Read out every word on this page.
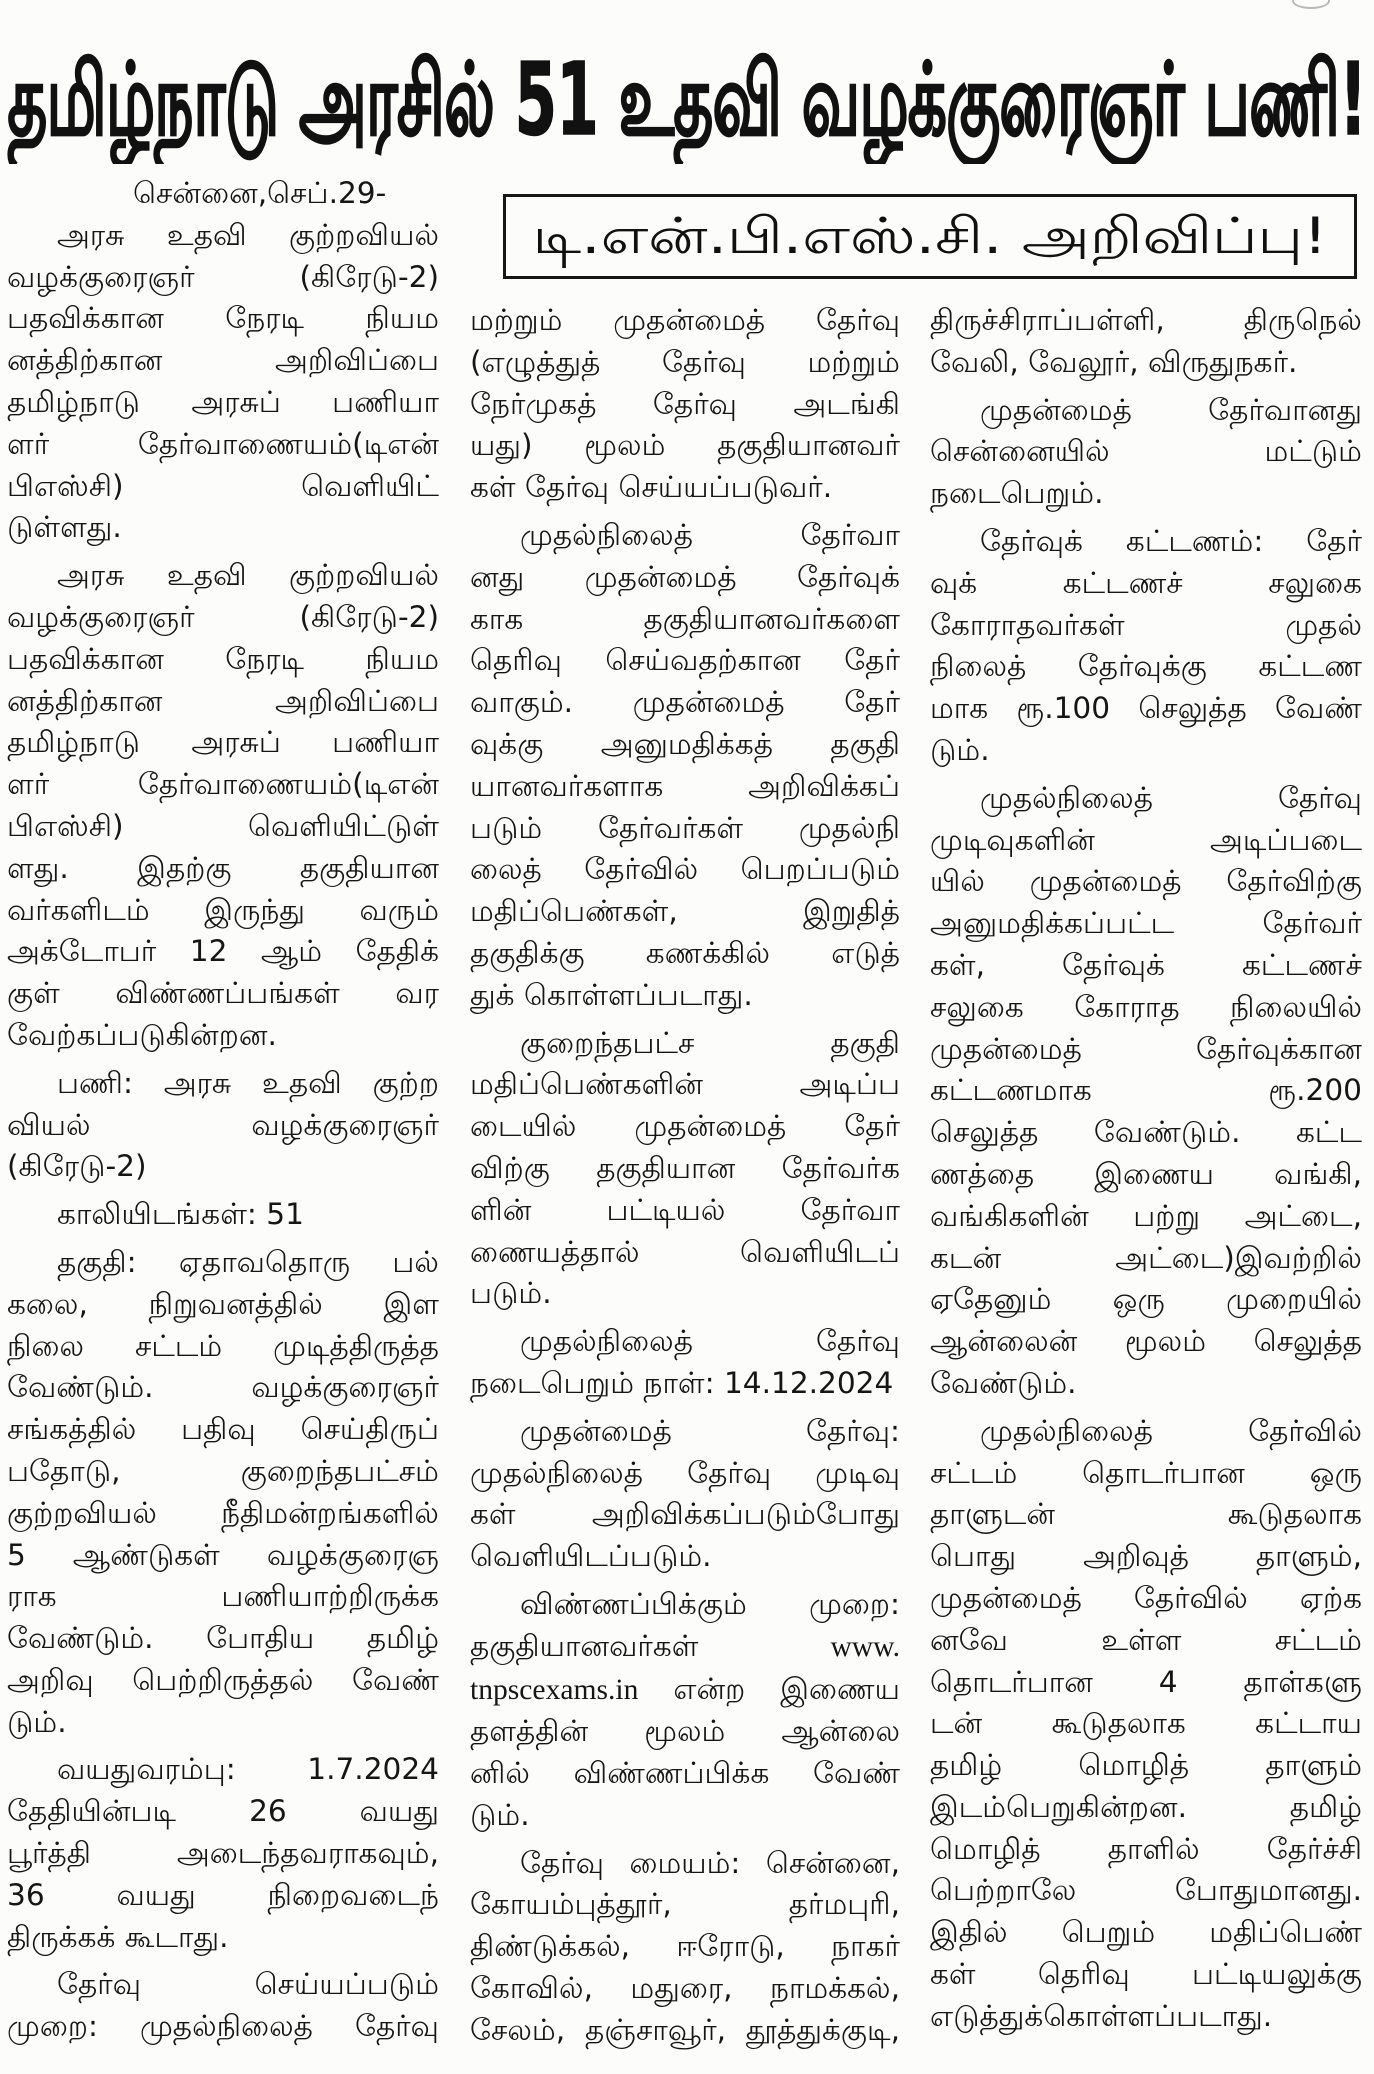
தமிழ்நாடு அரசில் 51 உதவி வழக்குரைஞர் பணி!
டி.என்.பி.எஸ்.சி. அறிவிப்பு!
சென்னை,செப்.29-
அரசு உதவி குற்றவியல்
வழக்குரைஞர் (கிரேடு-2)
பதவிக்கான நேரடி நியம
னத்திற்கான அறிவிப்பை
தமிழ்நாடு அரசுப் பணியா
ளர் தேர்வாணையம்(டிஎன்
பிஎஸ்சி) வெளியிட்
டுள்ளது.
அரசு உதவி குற்றவியல்
வழக்குரைஞர் (கிரேடு-2)
பதவிக்கான நேரடி நியம
னத்திற்கான அறிவிப்பை
தமிழ்நாடு அரசுப் பணியா
ளர் தேர்வாணையம்(டிஎன்
பிஎஸ்சி) வெளியிட்டுள்
ளது. இதற்கு தகுதியான
வர்களிடம் இருந்து வரும்
அக்டோபர் 12 ஆம் தேதிக்
குள் விண்ணப்பங்கள் வர
வேற்கப்படுகின்றன.
பணி: அரசு உதவி குற்ற
வியல் வழக்குரைஞர்
(கிரேடு-2)
காலியிடங்கள்: 51
தகுதி: ஏதாவதொரு பல்
கலை, நிறுவனத்தில் இள
நிலை சட்டம் முடித்திருத்த
வேண்டும். வழக்குரைஞர்
சங்கத்தில் பதிவு செய்திருப்
பதோடு, குறைந்தபட்சம்
குற்றவியல் நீதிமன்றங்களில்
5 ஆண்டுகள் வழக்குரைஞ
ராக பணியாற்றிருக்க
வேண்டும். போதிய தமிழ்
அறிவு பெற்றிருத்தல் வேண்
டும்.
வயதுவரம்பு: 1.7.2024
தேதியின்படி 26 வயது
பூர்த்தி அடைந்தவராகவும்,
36 வயது நிறைவடைந்
திருக்கக் கூடாது.
தேர்வு செய்யப்படும்
முறை: முதல்நிலைத் தேர்வு
மற்றும் முதன்மைத் தேர்வு
(எழுத்துத் தேர்வு மற்றும்
நேர்முகத் தேர்வு அடங்கி
யது) மூலம் தகுதியானவர்
கள் தேர்வு செய்யப்படுவர்.
முதல்நிலைத் தேர்வா
னது முதன்மைத் தேர்வுக்
காக தகுதியானவர்களை
தெரிவு செய்வதற்கான தேர்
வாகும். முதன்மைத் தேர்
வுக்கு அனுமதிக்கத் தகுதி
யானவர்களாக அறிவிக்கப்
படும் தேர்வர்கள் முதல்நி
லைத் தேர்வில் பெறப்படும்
மதிப்பெண்கள், இறுதித்
தகுதிக்கு கணக்கில் எடுத்
துக் கொள்ளப்படாது.
குறைந்தபட்ச தகுதி
மதிப்பெண்களின் அடிப்ப
டையில் முதன்மைத் தேர்
விற்கு தகுதியான தேர்வர்க
ளின் பட்டியல் தேர்வா
ணையத்தால் வெளியிடப்
படும்.
முதல்நிலைத் தேர்வு
நடைபெறும் நாள்: 14.12.2024
முதன்மைத் தேர்வு:
முதல்நிலைத் தேர்வு முடிவு
கள் அறிவிக்கப்படும்போது
வெளியிடப்படும்.
விண்ணப்பிக்கும் முறை:
தகுதியானவர்கள் www.
tnpscexams.in என்ற இணைய
தளத்தின் மூலம் ஆன்லை
னில் விண்ணப்பிக்க வேண்
டும்.
தேர்வு மையம்: சென்னை,
கோயம்புத்தூர், தர்மபுரி,
திண்டுக்கல், ஈரோடு, நாகர்
கோவில், மதுரை, நாமக்கல்,
சேலம், தஞ்சாவூர், தூத்துக்குடி,
திருச்சிராப்பள்ளி, திருநெல்
வேலி, வேலூர், விருதுநகர்.
முதன்மைத் தேர்வானது
சென்னையில் மட்டும்
நடைபெறும்.
தேர்வுக் கட்டணம்: தேர்
வுக் கட்டணச் சலுகை
கோராதவர்கள் முதல்
நிலைத் தேர்வுக்கு கட்டண
மாக ரூ.100 செலுத்த வேண்
டும்.
முதல்நிலைத் தேர்வு
முடிவுகளின் அடிப்படை
யில் முதன்மைத் தேர்விற்கு
அனுமதிக்கப்பட்ட தேர்வர்
கள், தேர்வுக் கட்டணச்
சலுகை கோராத நிலையில்
முதன்மைத் தேர்வுக்கான
கட்டணமாக ரூ.200
செலுத்த வேண்டும். கட்ட
ணத்தை இணைய வங்கி,
வங்கிகளின் பற்று அட்டை,
கடன் அட்டை)இவற்றில்
ஏதேனும் ஒரு முறையில்
ஆன்லைன் மூலம் செலுத்த
வேண்டும்.
முதல்நிலைத் தேர்வில்
சட்டம் தொடர்பான ஒரு
தாளுடன் கூடுதலாக
பொது அறிவுத் தாளும்,
முதன்மைத் தேர்வில் ஏற்க
னவே உள்ள சட்டம்
தொடர்பான 4 தாள்களு
டன் கூடுதலாக கட்டாய
தமிழ் மொழித் தாளும்
இடம்பெறுகின்றன. தமிழ்
மொழித் தாளில் தேர்ச்சி
பெற்றாலே போதுமானது.
இதில் பெறும் மதிப்பெண்
கள் தெரிவு பட்டியலுக்கு
எடுத்துக்கொள்ளப்படாது.
